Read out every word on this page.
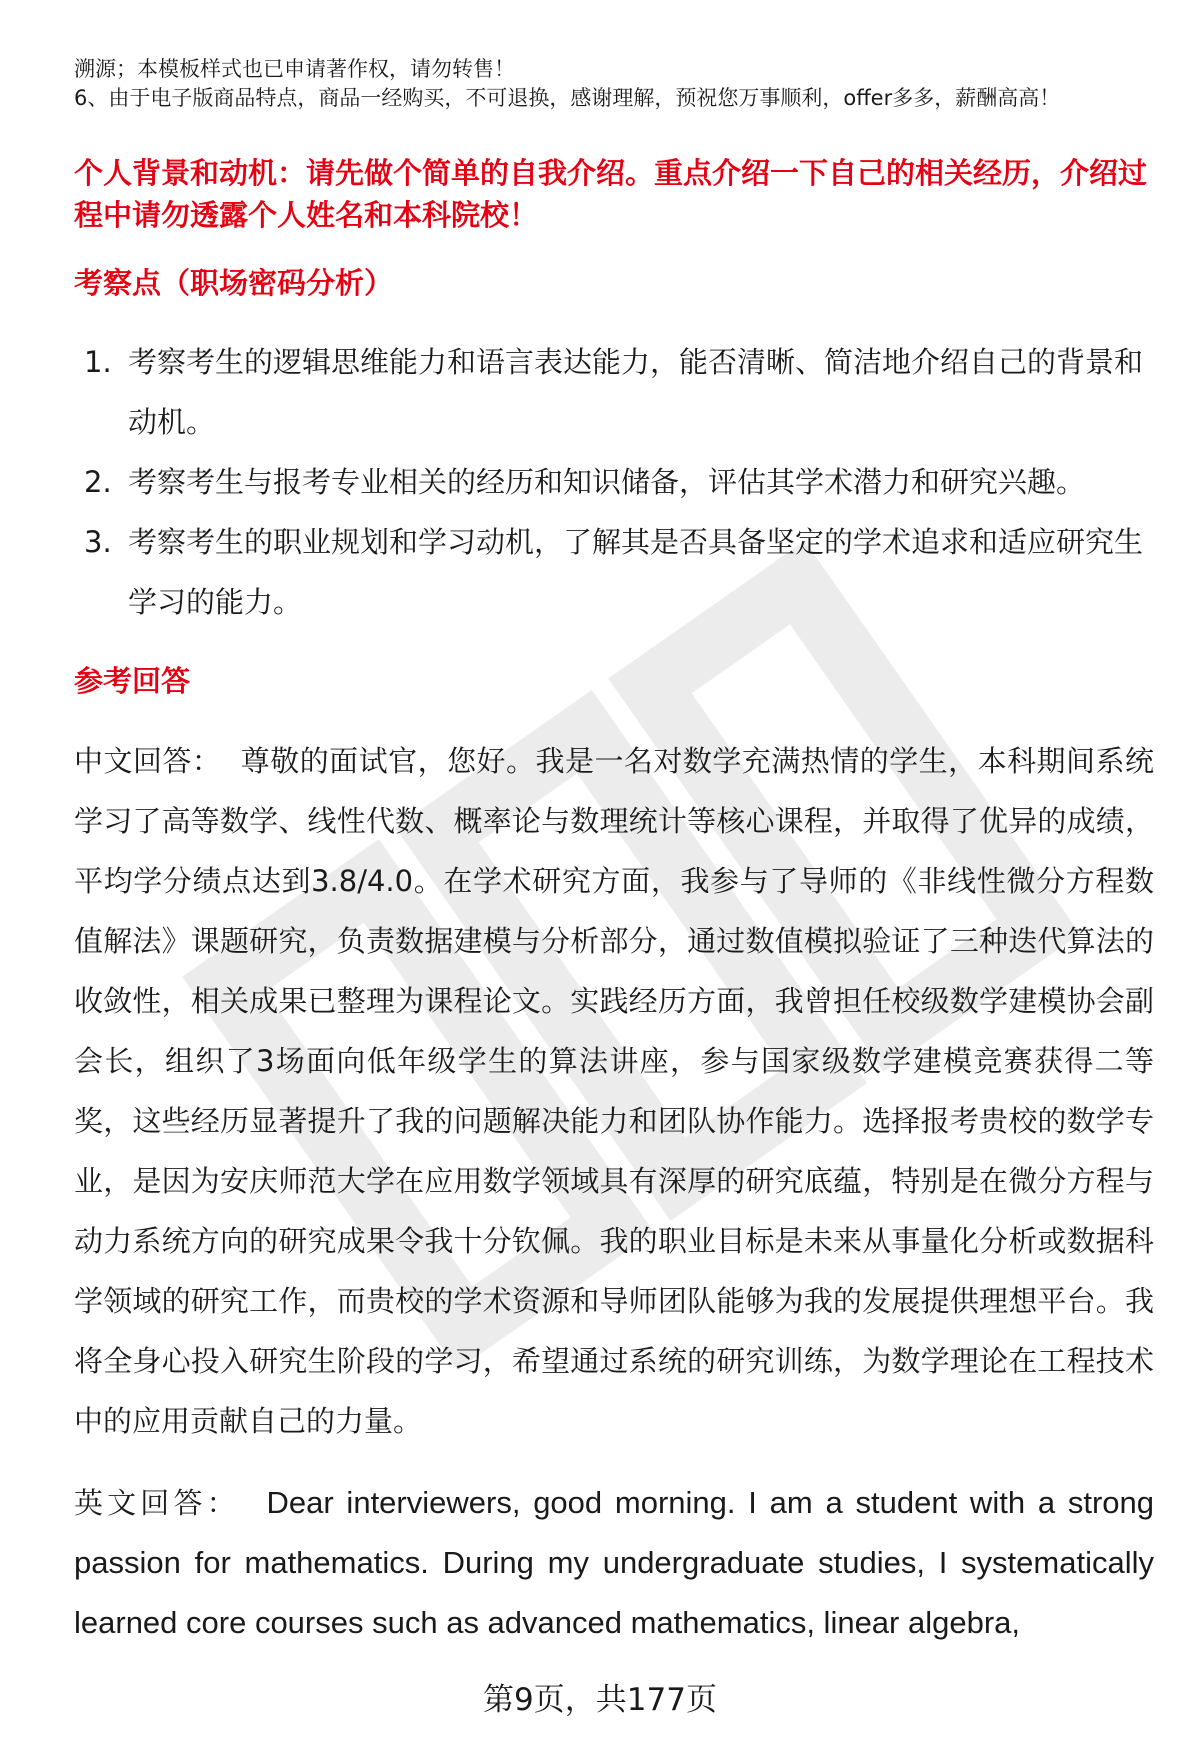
溯源；本模板样式也已申请著作权，请勿转售！
6、由于电子版商品特点，商品一经购买，不可退换，感谢理解，预祝您万事顺利，offer多多，薪酬高高！
个人背景和动机：请先做个简单的自我介绍。重点介绍一下自己的相关经历，介绍过程中请勿透露个人姓名和本科院校！
考察点（职场密码分析）
1. 考察考生的逻辑思维能力和语言表达能力，能否清晰、简洁地介绍自己的背景和动机。
2. 考察考生与报考专业相关的经历和知识储备，评估其学术潜力和研究兴趣。
3. 考察考生的职业规划和学习动机，了解其是否具备坚定的学术追求和适应研究生学习的能力。
参考回答
中文回答： 尊敬的面试官，您好。我是一名对数学充满热情的学生，本科期间系统学习了高等数学、线性代数、概率论与数理统计等核心课程，并取得了优异的成绩，平均学分绩点达到3.8/4.0。在学术研究方面，我参与了导师的《非线性微分方程数值解法》课题研究，负责数据建模与分析部分，通过数值模拟验证了三种迭代算法的收敛性，相关成果已整理为课程论文。实践经历方面，我曾担任校级数学建模协会副会长，组织了3场面向低年级学生的算法讲座，参与国家级数学建模竞赛获得二等奖，这些经历显著提升了我的问题解决能力和团队协作能力。选择报考贵校的数学专业，是因为安庆师范大学在应用数学领域具有深厚的研究底蕴，特别是在微分方程与动力系统方向的研究成果令我十分钦佩。我的职业目标是未来从事量化分析或数据科学领域的研究工作，而贵校的学术资源和导师团队能够为我的发展提供理想平台。我将全身心投入研究生阶段的学习，希望通过系统的研究训练，为数学理论在工程技术中的应用贡献自己的力量。
英文回答： Dear interviewers, good morning. I am a student with a strong passion for mathematics. During my undergraduate studies, I systematically learned core courses such as advanced mathematics, linear algebra,
第9页，共177页
